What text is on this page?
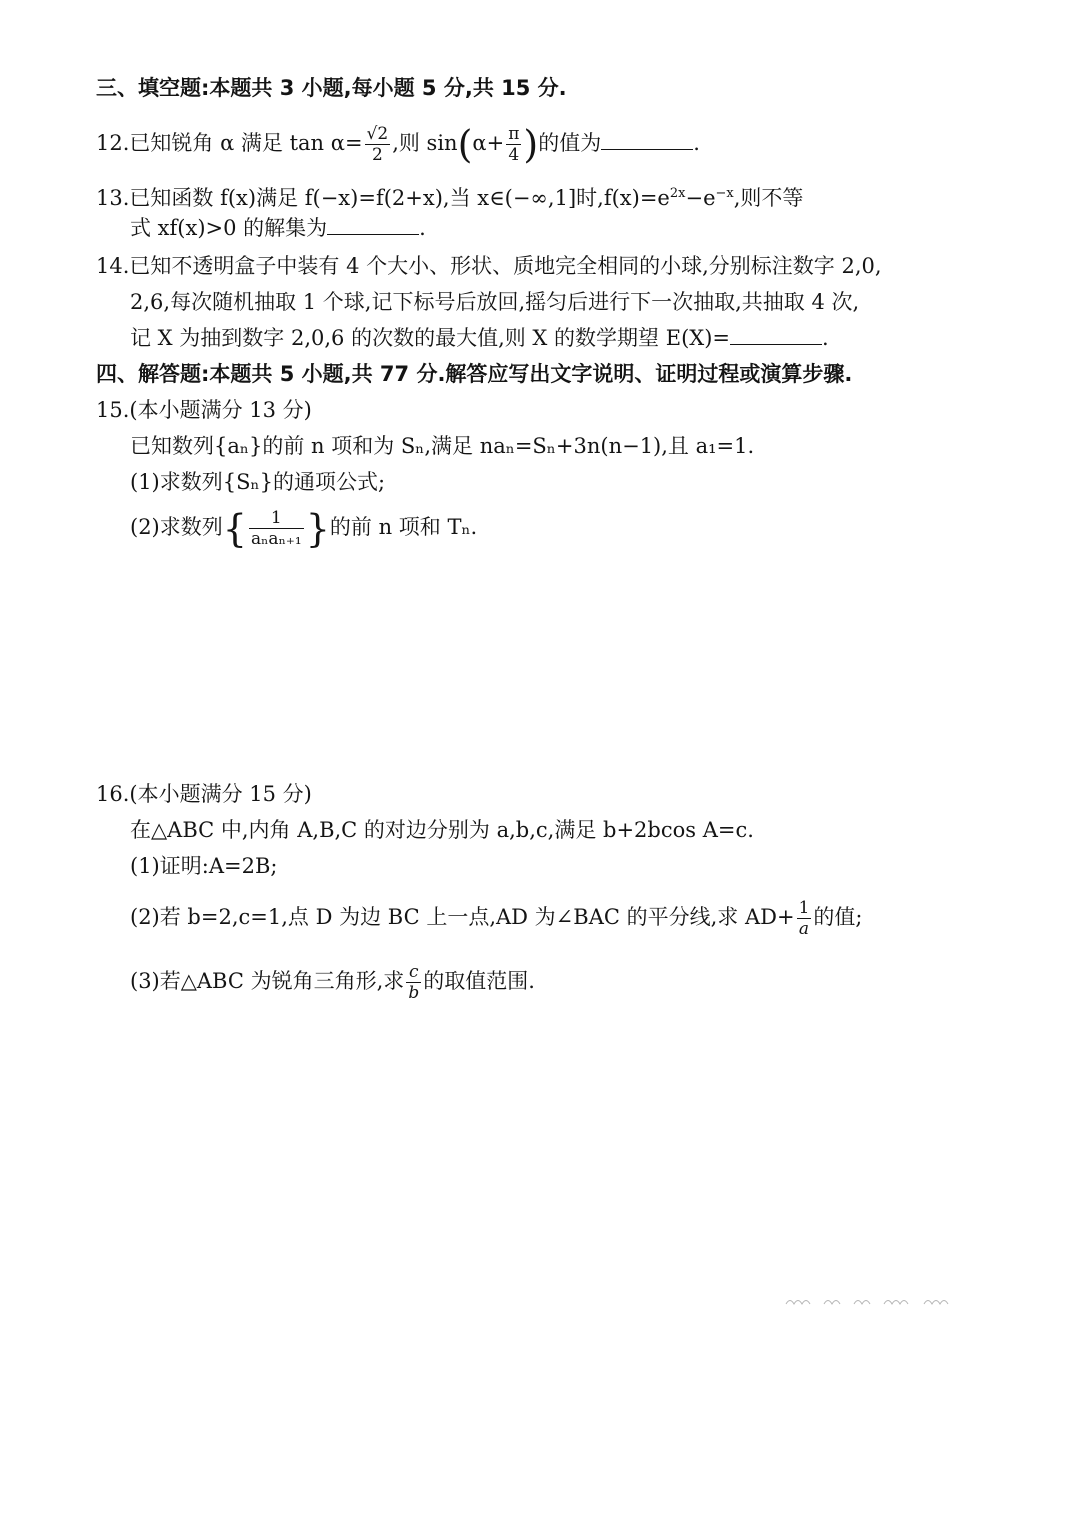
三、填空题:本题共 3 小题,每小题 5 分,共 15 分.
12.已知锐角 α 满足 $\tan \alpha= \frac{√2}{2}$ ,则 $\sin(\alpha+ \frac{\pi}{4}$ )的值为	.
13.已知函数 f(x)满足 f(−x)=f(2+x),当 x∈(−∞,1]时$,f(x)=e^{2x}-e^{-x}$,则不等
式 xf(x)>0 的解集为	.
14.已知不透明盒子中装有 4 个大小、形状、质地完全相同的小球,分别标注数字 2,0,
2,6,每次随机抽取 1 个球,记下标号后放回,摇匀后进行下一次抽取,共抽取 4 次,
记 X 为抽到数字 2,0,6 的次数的最大值,则 X 的数学期望 E(X)=	.
四、解答题:本题共 5 小题,共 77 分.解答应写出文字说明、证明过程或演算步骤.
15.(本小题满分 13 分)
已知数列{aₙ}的前 n 项和为 Sₙ,满足 naₙ=Sₙ+3n(n−1),且 a₁=1.
(1)求数列{Sₙ}的通项公式;
(2)求数列{ $\frac{1}{\text{aₙaₙ₊₁}}$ }的前 n 项和 Tₙ.
16.(本小题满分 15 分)
在△ABC 中,内角 A,B,C 的对边分别为 a,b,c,满足 b+2bcos A=c.
(1)证明:A=2B;
(2)若 b=2,c=1,点 D 为边 BC 上一点,AD 为∠BAC 的平分线,求 $AD+ \frac{1}{a}$ 的值;
(3)若△ABC 为锐角三角形,求 $\frac{c}{b}$ 的取值范围.
